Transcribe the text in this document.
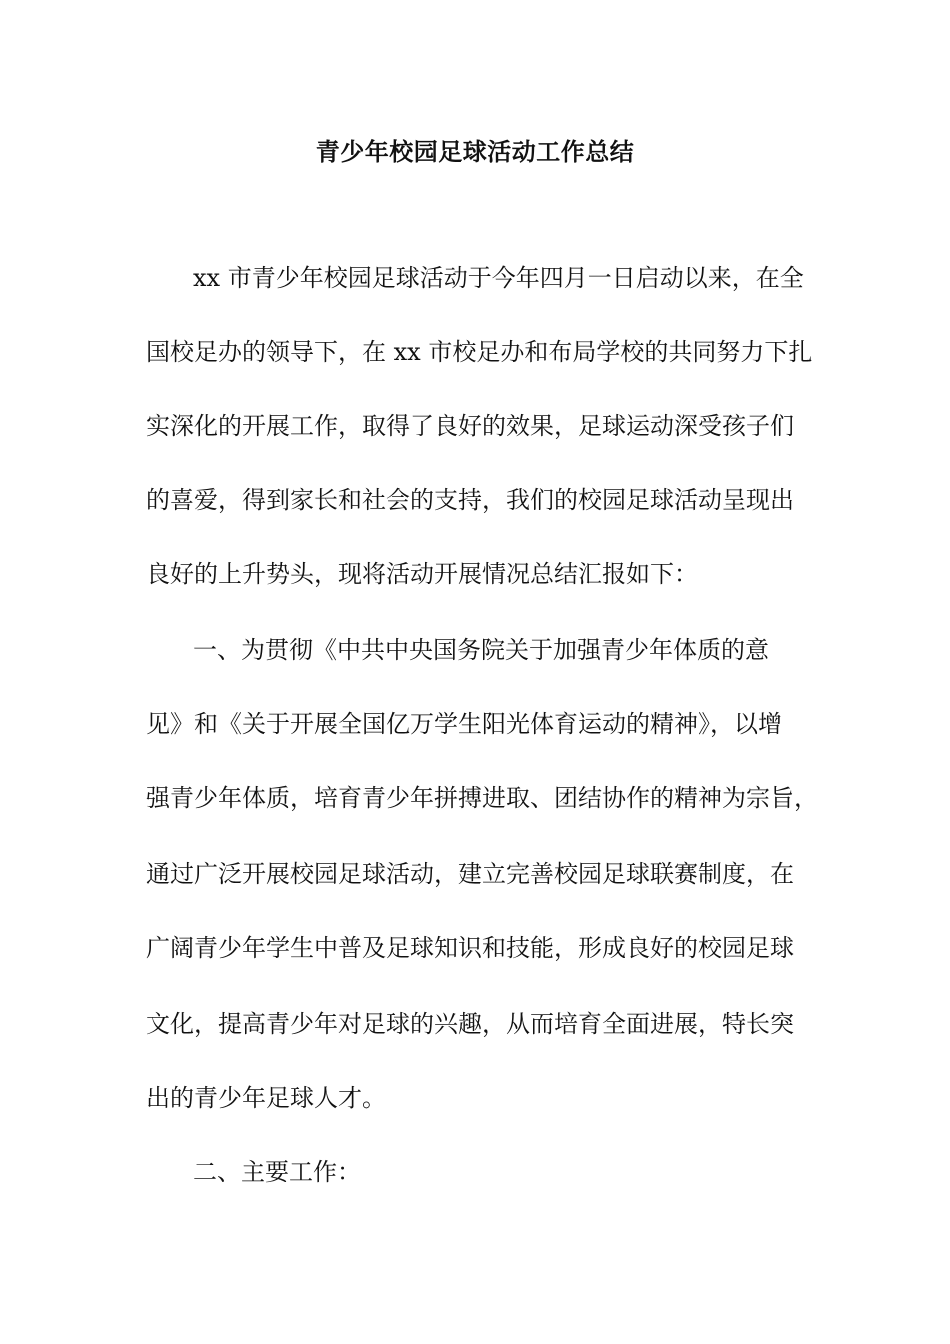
青少年校园足球活动工作总结
xx 市青少年校园足球活动于今年四月一日启动以来，在全
国校足办的领导下，在 xx 市校足办和布局学校的共同努力下扎
实深化的开展工作，取得了良好的效果，足球运动深受孩子们
的喜爱，得到家长和社会的支持，我们的校园足球活动呈现出
良好的上升势头，现将活动开展情况总结汇报如下：
一、为贯彻《中共中央国务院关于加强青少年体质的意
见》和《关于开展全国亿万学生阳光体育运动的精神》，以增
强青少年体质，培育青少年拼搏进取、团结协作的精神为宗旨，
通过广泛开展校园足球活动，建立完善校园足球联赛制度，在
广阔青少年学生中普及足球知识和技能，形成良好的校园足球
文化，提高青少年对足球的兴趣，从而培育全面进展，特长突
出的青少年足球人才。
二、主要工作：
